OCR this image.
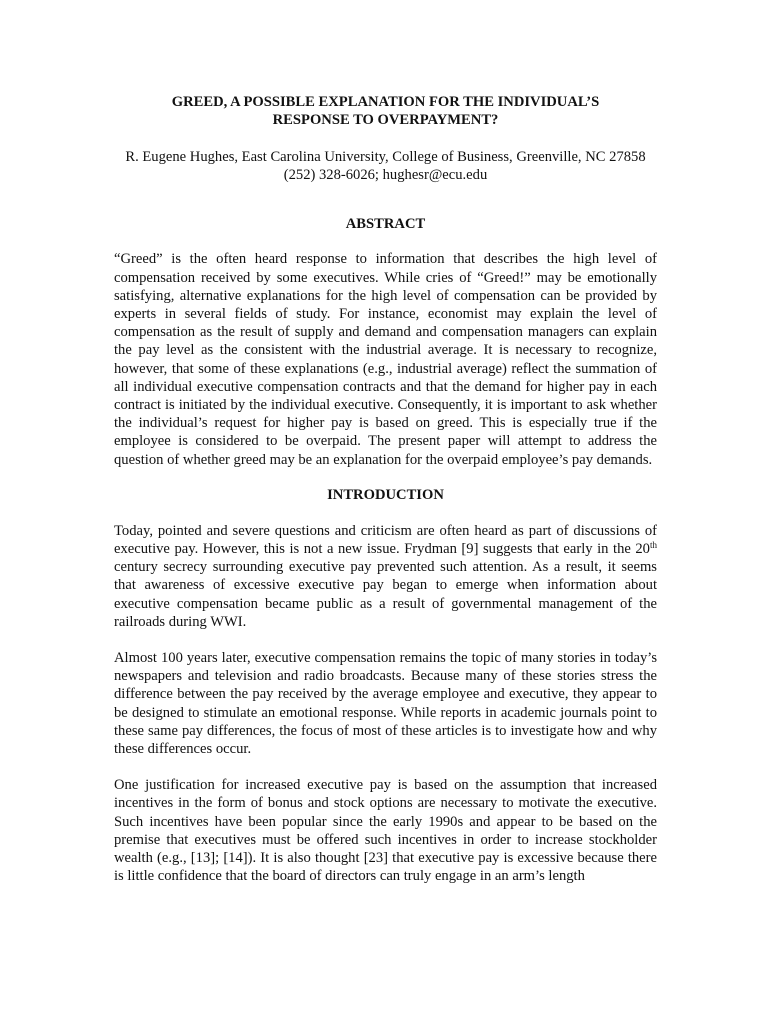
GREED, A POSSIBLE EXPLANATION FOR THE INDIVIDUAL’S
RESPONSE TO OVERPAYMENT?
R. Eugene Hughes, East Carolina University, College of Business, Greenville, NC 27858
(252) 328-6026; hughesr@ecu.edu
ABSTRACT

“Greed” is the often heard response to information that describes the high level of compensation received by some executives. While cries of “Greed!” may be emotionally satisfying, alternative explanations for the high level of compensation can be provided by experts in several fields of study. For instance, economist may explain the level of compensation as the result of supply and demand and compensation managers can explain the pay level as the consistent with the industrial average. It is necessary to recognize, however, that some of these explanations (e.g., industrial average) reflect the summation of all individual executive compensation contracts and that the demand for higher pay in each contract is initiated by the individual executive. Consequently, it is important to ask whether the individual’s request for higher pay is based on greed. This is especially true if the employee is considered to be overpaid. The present paper will attempt to address the question of whether greed may be an explanation for the overpaid employee’s pay demands.

INTRODUCTION

Today, pointed and severe questions and criticism are often heard as part of discussions of executive pay. However, this is not a new issue. Frydman [9] suggests that early in the 20th century secrecy surrounding executive pay prevented such attention. As a result, it seems that awareness of excessive executive pay began to emerge when information about executive compensation became public as a result of governmental management of the railroads during WWI.

Almost 100 years later, executive compensation remains the topic of many stories in today’s newspapers and television and radio broadcasts. Because many of these stories stress the difference between the pay received by the average employee and executive, they appear to be designed to stimulate an emotional response. While reports in academic journals point to these same pay differences, the focus of most of these articles is to investigate how and why these differences occur.

One justification for increased executive pay is based on the assumption that increased incentives in the form of bonus and stock options are necessary to motivate the executive. Such incentives have been popular since the early 1990s and appear to be based on the premise that executives must be offered such incentives in order to increase stockholder wealth (e.g., [13]; [14]). It is also thought [23] that executive pay is excessive because there is little confidence that the board of directors can truly engage in an arm’s length
